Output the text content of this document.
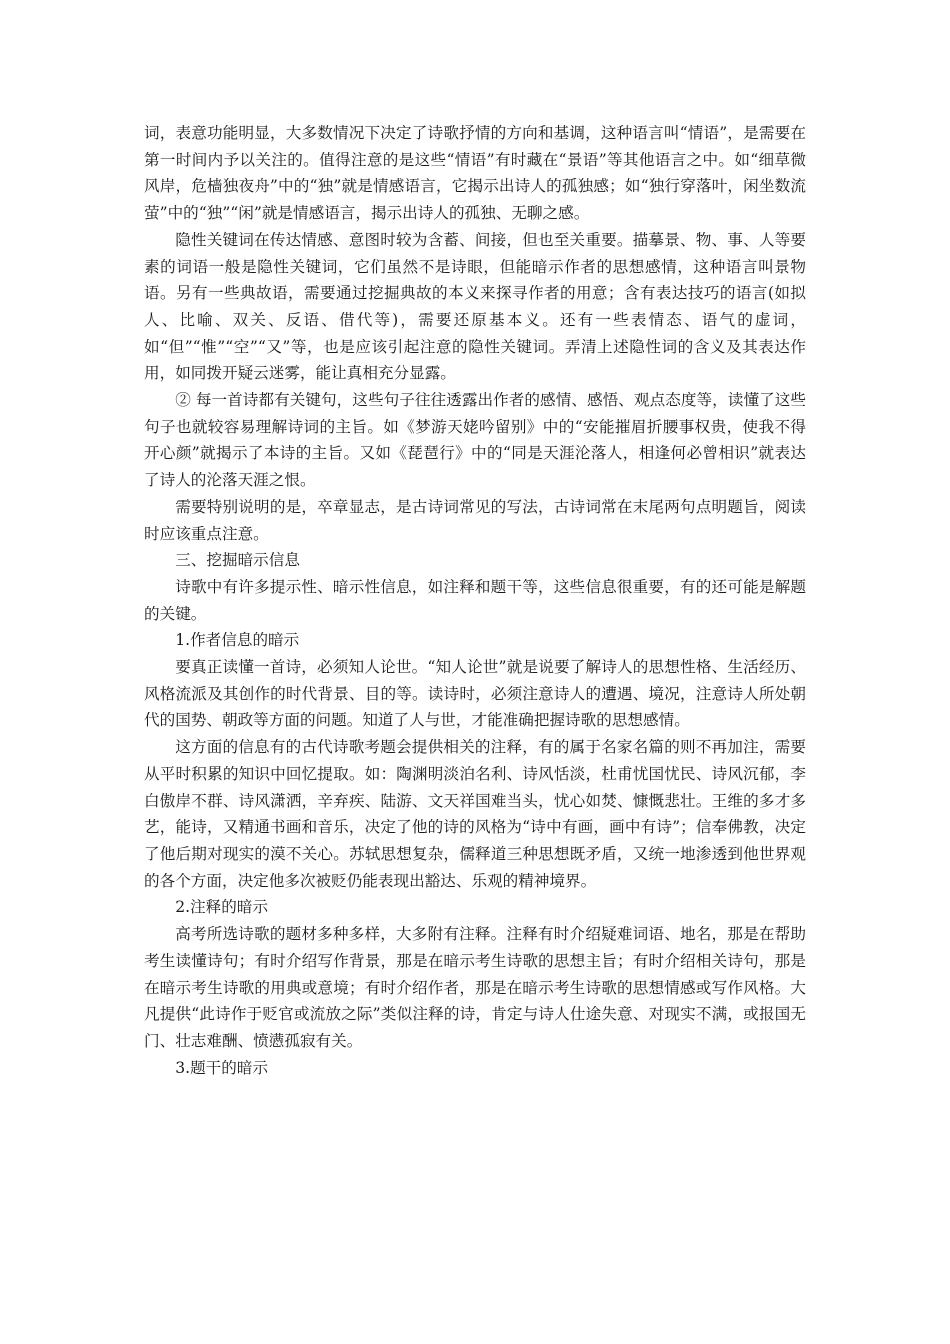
词，表意功能明显，大多数情况下决定了诗歌抒情的方向和基调，这种语言叫“情语”，是需要在第一时间内予以关注的。值得注意的是这些“情语”有时藏在“景语”等其他语言之中。如“细草微风岸，危樯独夜舟”中的“独”就是情感语言，它揭示出诗人的孤独感；如“独行穿落叶，闲坐数流萤”中的“独”“闲”就是情感语言，揭示出诗人的孤独、无聊之感。

隐性关键词在传达情感、意图时较为含蓄、间接，但也至关重要。描摹景、物、事、人等要素的词语一般是隐性关键词，它们虽然不是诗眼，但能暗示作者的思想感情，这种语言叫景物语。另有一些典故语，需要通过挖掘典故的本义来探寻作者的用意；含有表达技巧的语言(如拟人、比喻、双关、反语、借代等)，需要还原基本义。还有一些表情态、语气的虚词，如“但”“惟”“空”“又”等，也是应该引起注意的隐性关键词。弄清上述隐性词的含义及其表达作用，如同拨开疑云迷雾，能让真相充分显露。

② 每一首诗都有关键句，这些句子往往透露出作者的感情、感悟、观点态度等，读懂了这些句子也就较容易理解诗词的主旨。如《梦游天姥吟留别》中的“安能摧眉折腰事权贵，使我不得开心颜”就揭示了本诗的主旨。又如《琵琶行》中的“同是天涯沦落人，相逢何必曾相识”就表达了诗人的沦落天涯之恨。

需要特别说明的是，卒章显志，是古诗词常见的写法，古诗词常在末尾两句点明题旨，阅读时应该重点注意。

三、挖掘暗示信息

诗歌中有许多提示性、暗示性信息，如注释和题干等，这些信息很重要，有的还可能是解题的关键。

1.作者信息的暗示

要真正读懂一首诗，必须知人论世。“知人论世”就是说要了解诗人的思想性格、生活经历、风格流派及其创作的时代背景、目的等。读诗时，必须注意诗人的遭遇、境况，注意诗人所处朝代的国势、朝政等方面的问题。知道了人与世，才能准确把握诗歌的思想感情。

这方面的信息有的古代诗歌考题会提供相关的注释，有的属于名家名篇的则不再加注，需要从平时积累的知识中回忆提取。如：陶渊明淡泊名利、诗风恬淡，杜甫忧国忧民、诗风沉郁，李白傲岸不群、诗风潇洒，辛弃疾、陆游、文天祥国难当头，忧心如焚、慷慨悲壮。王维的多才多艺，能诗，又精通书画和音乐，决定了他的诗的风格为“诗中有画，画中有诗”；信奉佛教，决定了他后期对现实的漠不关心。苏轼思想复杂，儒释道三种思想既矛盾，又统一地渗透到他世界观的各个方面，决定他多次被贬仍能表现出豁达、乐观的精神境界。

2.注释的暗示

高考所选诗歌的题材多种多样，大多附有注释。注释有时介绍疑难词语、地名，那是在帮助考生读懂诗句；有时介绍写作背景，那是在暗示考生诗歌的思想主旨；有时介绍相关诗句，那是在暗示考生诗歌的用典或意境；有时介绍作者，那是在暗示考生诗歌的思想情感或写作风格。大凡提供“此诗作于贬官或流放之际”类似注释的诗，肯定与诗人仕途失意、对现实不满，或报国无门、壮志难酬、愤懑孤寂有关。

3.题干的暗示
